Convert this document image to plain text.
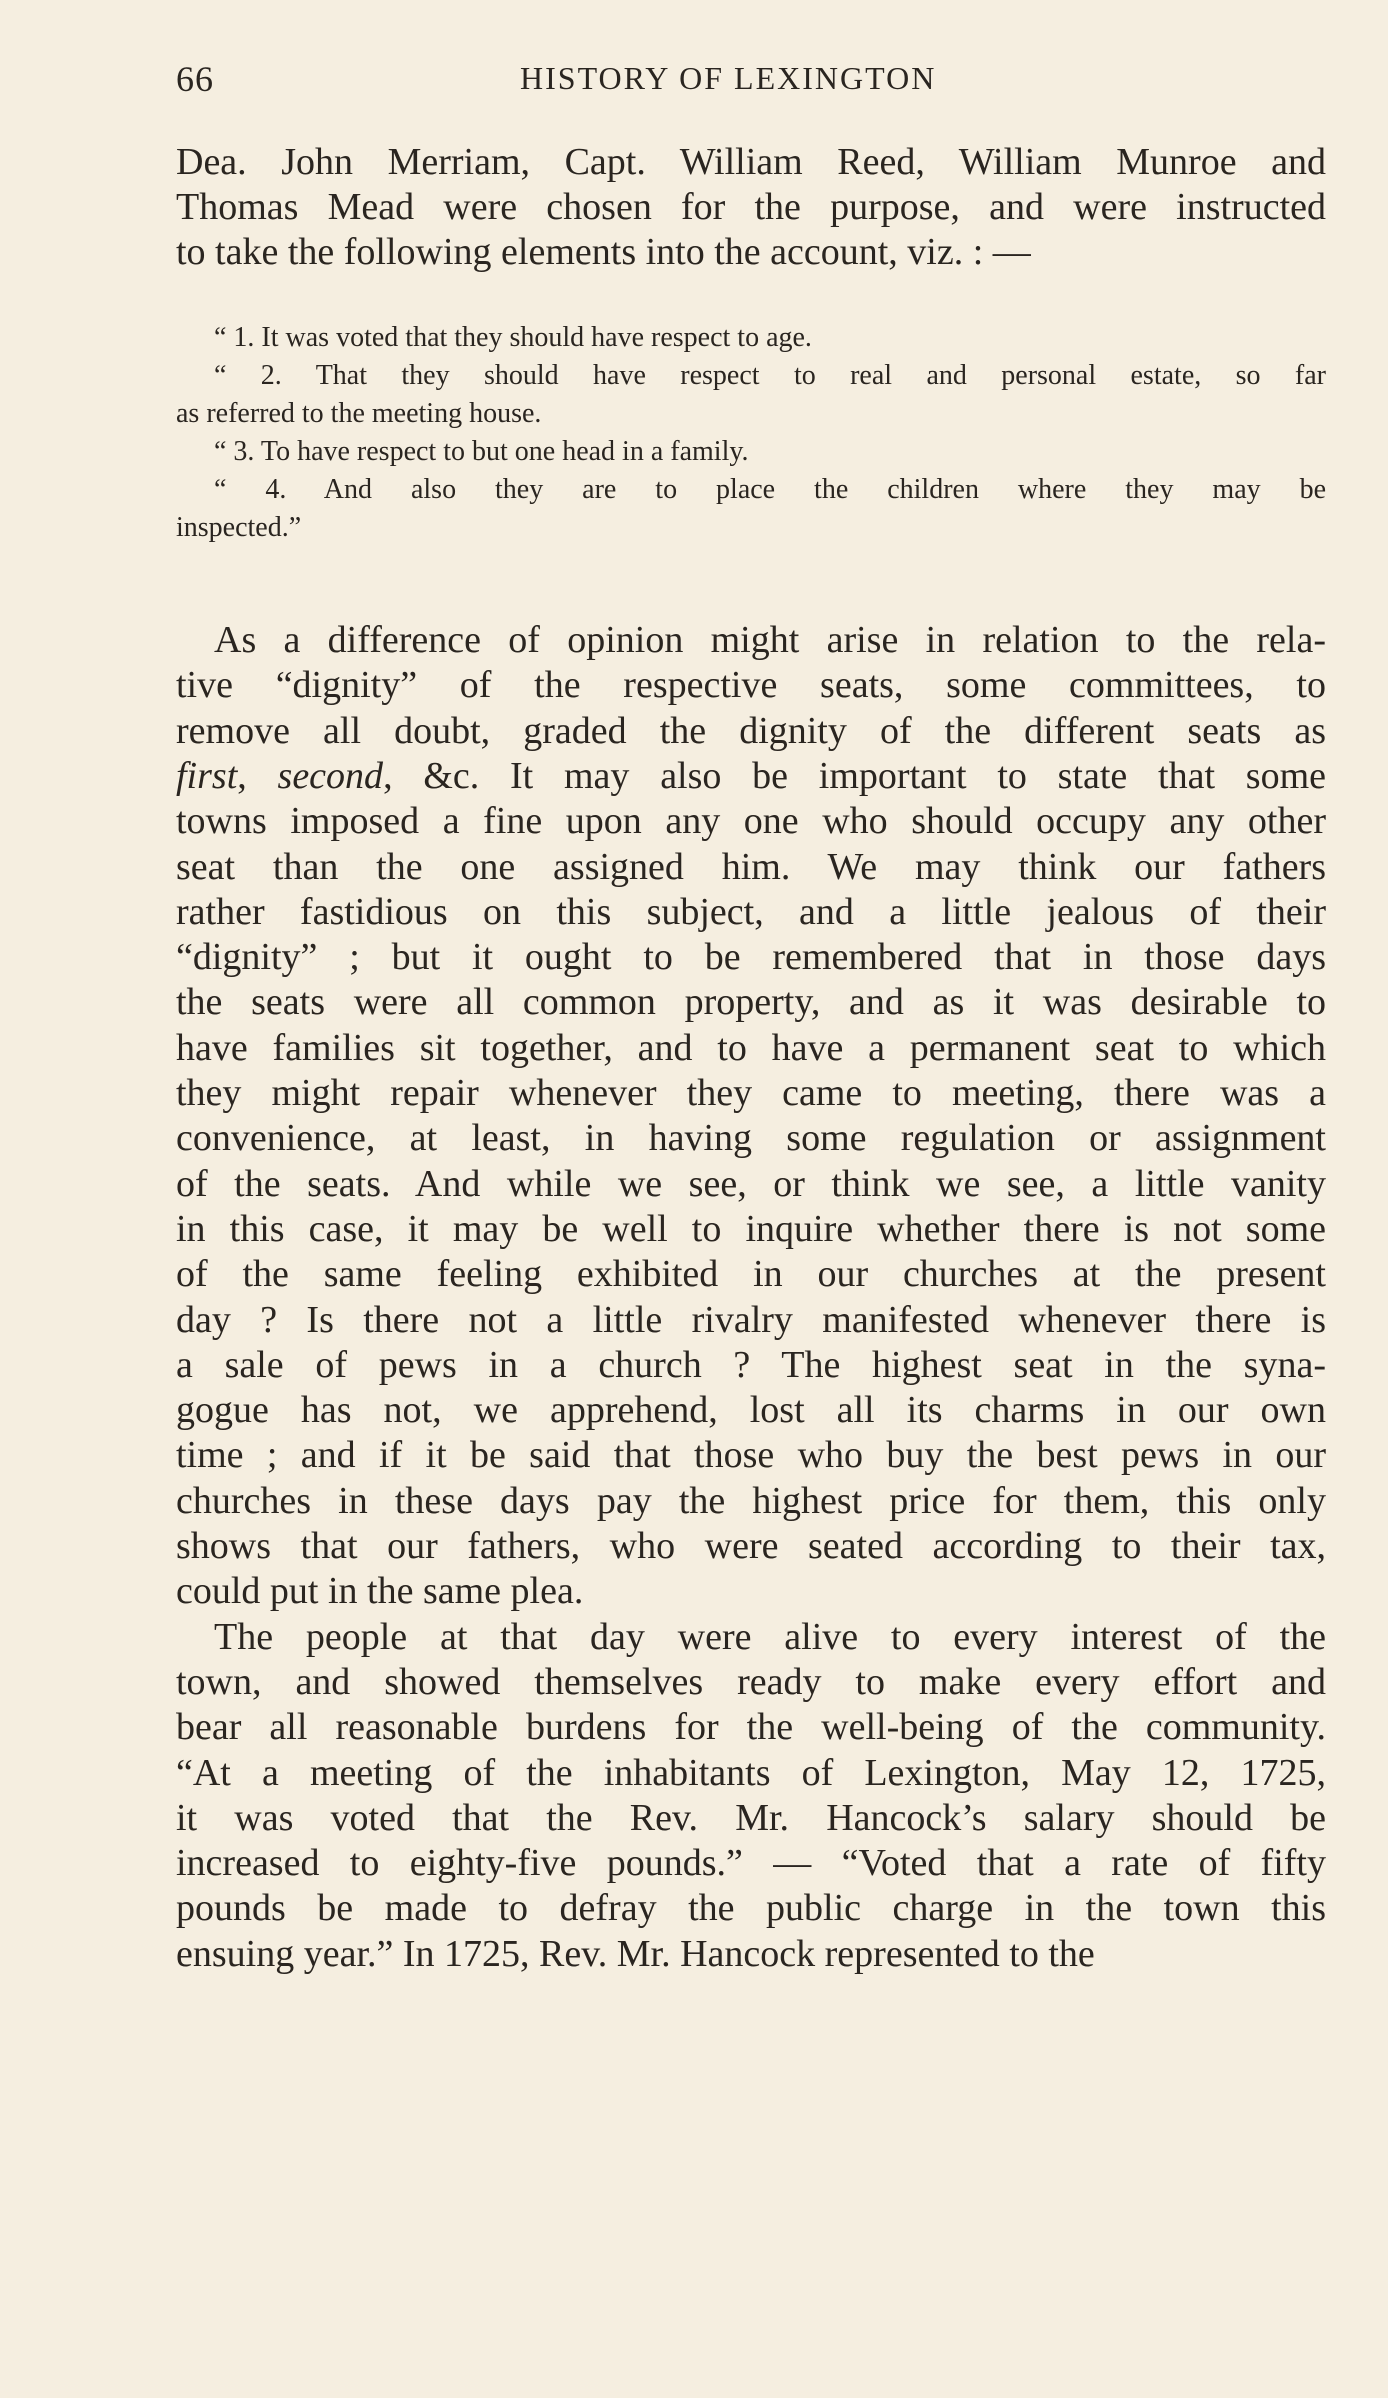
66	HISTORY OF LEXINGTON
Dea. John Merriam, Capt. William Reed, William Munroe and
Thomas Mead were chosen for the purpose, and were instructed
to take the following elements into the account, viz. : —
“ 1. It was voted that they should have respect to age.
“ 2. That they should have respect to real and personal estate, so far
as referred to the meeting house.
“ 3. To have respect to but one head in a family.
“ 4. And also they are to place the children where they may be
inspected.”
As a difference of opinion might arise in relation to the rela-
tive “dignity” of the respective seats, some committees, to
remove all doubt, graded the dignity of the different seats as
first, second, &c. It may also be important to state that some
towns imposed a fine upon any one who should occupy any other
seat than the one assigned him. We may think our fathers
rather fastidious on this subject, and a little jealous of their
“dignity” ; but it ought to be remembered that in those days
the seats were all common property, and as it was desirable to
have families sit together, and to have a permanent seat to which
they might repair whenever they came to meeting, there was a
convenience, at least, in having some regulation or assignment
of the seats. And while we see, or think we see, a little vanity
in this case, it may be well to inquire whether there is not some
of the same feeling exhibited in our churches at the present
day ? Is there not a little rivalry manifested whenever there is
a sale of pews in a church ? The highest seat in the syna-
gogue has not, we apprehend, lost all its charms in our own
time ; and if it be said that those who buy the best pews in our
churches in these days pay the highest price for them, this only
shows that our fathers, who were seated according to their tax,
could put in the same plea.
The people at that day were alive to every interest of the
town, and showed themselves ready to make every effort and
bear all reasonable burdens for the well-being of the community.
“At a meeting of the inhabitants of Lexington, May 12, 1725,
it was voted that the Rev. Mr. Hancock’s salary should be
increased to eighty-five pounds.” — “Voted that a rate of fifty
pounds be made to defray the public charge in the town this
ensuing year.” In 1725, Rev. Mr. Hancock represented to the
